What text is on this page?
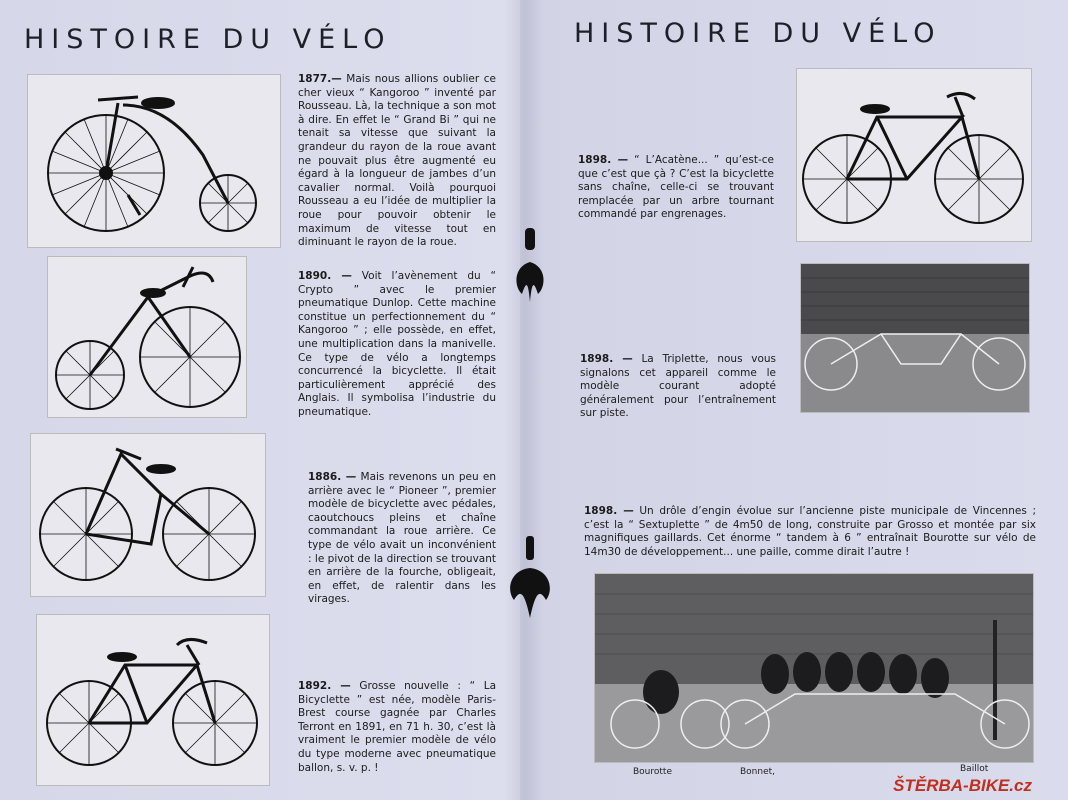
HISTOIRE DU VÉLO
1877.— Mais nous allions oublier ce cher vieux “ Kangoroo ” inventé par Rousseau. Là, la technique a son mot à dire. En effet le “ Grand Bi ” qui ne tenait sa vitesse que suivant la grandeur du rayon de la roue avant ne pouvait plus être augmenté eu égard à la longueur de jambes d’un cavalier normal. Voilà pourquoi Rousseau a eu l’idée de multiplier la roue pour pouvoir obtenir le maximum de vitesse tout en diminuant le rayon de la roue.
1890. — Voit l’avènement du “ Crypto ” avec le premier pneumatique Dunlop. Cette machine constitue un perfectionnement du “ Kangoroo ” ; elle possède, en effet, une multiplication dans la manivelle. Ce type de vélo a longtemps concurrencé la bicyclette. Il était particulièrement apprécié des Anglais. Il symbolisa l’industrie du pneumatique.
1886. — Mais revenons un peu en arrière avec le “ Pioneer ”, premier modèle de bicyclette avec pédales, caoutchoucs pleins et chaîne commandant la roue arrière. Ce type de vélo avait un inconvénient : le pivot de la direction se trouvant en arrière de la fourche, obligeait, en effet, de ralentir dans les virages.
1892. — Grosse nouvelle : “ La Bicyclette ” est née, modèle Paris-Brest course gagnée par Charles Terront en 1891, en 71 h. 30, c’est là vraiment le premier modèle de vélo du type moderne avec pneumatique ballon, s. v. p. !
HISTOIRE DU VÉLO
1898. — “ L’Acatène... ” qu’est-ce que c’est que çà ? C’est la bicyclette sans chaîne, celle-ci se trouvant remplacée par un arbre tournant commandé par engrenages.
1898. — La Triplette, nous vous signalons cet appareil comme le modèle courant adopté généralement pour l’entraînement sur piste.
1898. — Un drôle d’engin évolue sur l’ancienne piste municipale de Vincennes ; c’est la “ Sextuplette ” de 4m50 de long, construite par Grosso et montée par six magnifiques gaillards. Cet énorme “ tandem à 6 ” entraînait Bourotte sur vélo de 14m30 de développement... une paille, comme dirait l’autre !
Bourotte	Bonnet,	Baillot
ŠTĚRBA-BIKE.cz
